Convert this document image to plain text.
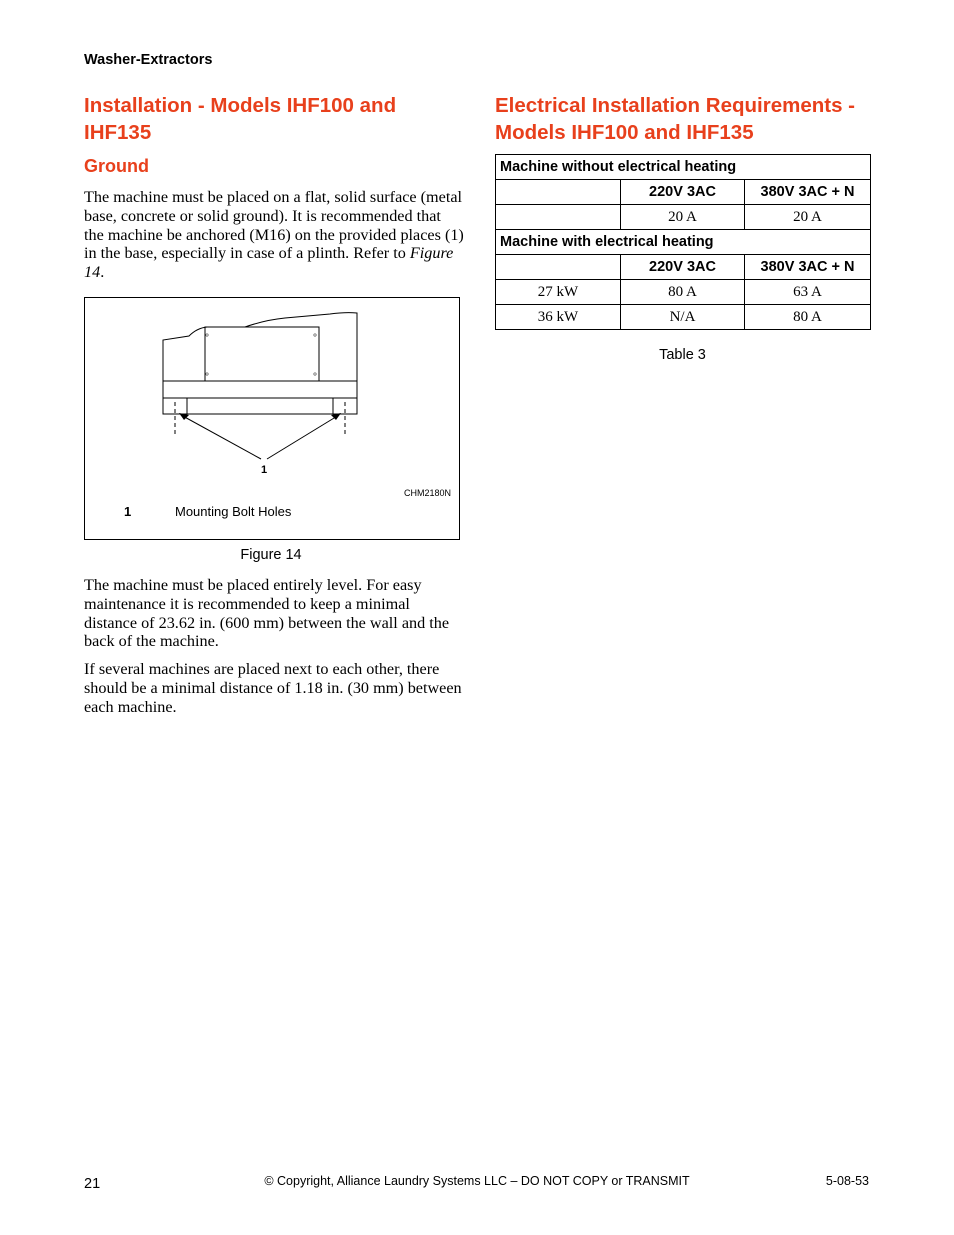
Washer-Extractors
Installation - Models IHF100 and IHF135
Ground

The machine must be placed on a flat, solid surface (metal base, concrete or solid ground). It is recommended that the machine be anchored (M16) on the provided places (1) in the base, especially in case of a plinth. Refer to Figure 14.

1
CHM2180N
1	Mounting Bolt Holes
Figure 14

The machine must be placed entirely level. For easy maintenance it is recommended to keep a minimal distance of 23.62 in. (600 mm) between the wall and the back of the machine.

If several machines are placed next to each other, there should be a minimal distance of 1.18 in. (30 mm) between each machine.

Electrical Installation Requirements - Models IHF100 and IHF135
Machine without electrical heating		
	220V 3AC	380V 3AC + N
	20 A	20 A
Machine with electrical heating		
	220V 3AC	380V 3AC + N
27 kW	80 A	63 A
36 kW	N/A	80 A
Table 3
21	© Copyright, Alliance Laundry Systems LLC – DO NOT COPY or TRANSMIT	5-08-53
